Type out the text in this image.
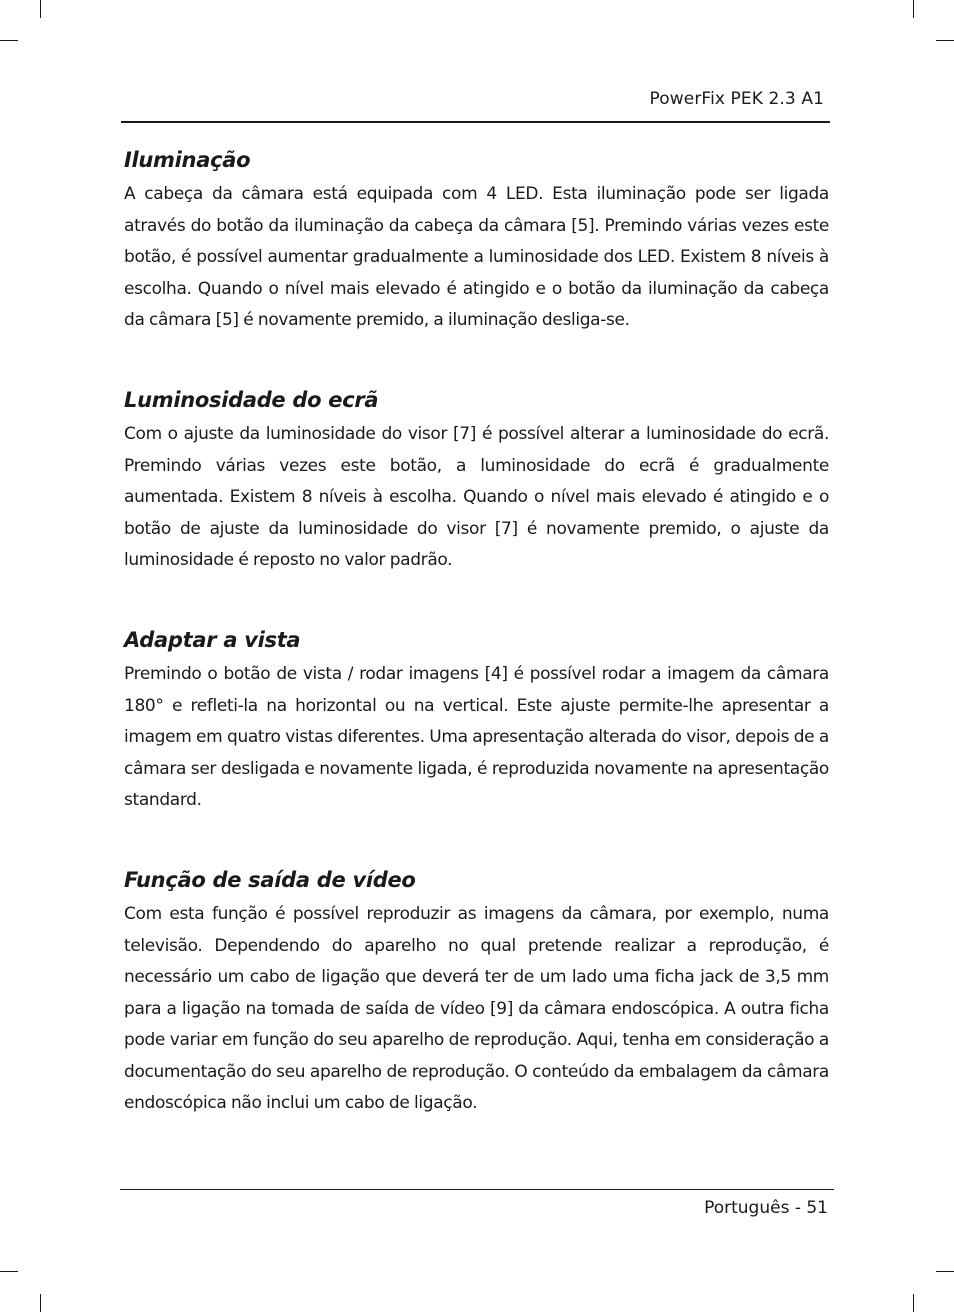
PowerFix PEK 2.3 A1
Iluminação

A cabeça da câmara está equipada com 4 LED. Esta iluminação pode ser ligada através do botão da iluminação da cabeça da câmara [5]. Premindo várias vezes este botão, é possível aumentar gradualmente a luminosidade dos LED. Existem 8 níveis à escolha. Quando o nível mais elevado é atingido e o botão da iluminação da cabeça da câmara [5] é novamente premido, a iluminação desliga-se.

Luminosidade do ecrã

Com o ajuste da luminosidade do visor [7] é possível alterar a luminosidade do ecrã. Premindo várias vezes este botão, a luminosidade do ecrã é gradualmente aumentada. Existem 8 níveis à escolha. Quando o nível mais elevado é atingido e o botão de ajuste da luminosidade do visor [7] é novamente premido, o ajuste da luminosidade é reposto no valor padrão.

Adaptar a vista

Premindo o botão de vista / rodar imagens [4] é possível rodar a imagem da câmara 180° e refleti-la na horizontal ou na vertical. Este ajuste permite-lhe apresentar a imagem em quatro vistas diferentes. Uma apresentação alterada do visor, depois de a câmara ser desligada e novamente ligada, é reproduzida novamente na apresentação standard.

Função de saída de vídeo

Com esta função é possível reproduzir as imagens da câmara, por exemplo, numa televisão. Dependendo do aparelho no qual pretende realizar a reprodução, é necessário um cabo de ligação que deverá ter de um lado uma ficha jack de 3,5 mm para a ligação na tomada de saída de vídeo [9] da câmara endoscópica. A outra ficha pode variar em função do seu aparelho de reprodução. Aqui, tenha em consideração a documentação do seu aparelho de reprodução. O conteúdo da embalagem da câmara endoscópica não inclui um cabo de ligação.

Português - 51
